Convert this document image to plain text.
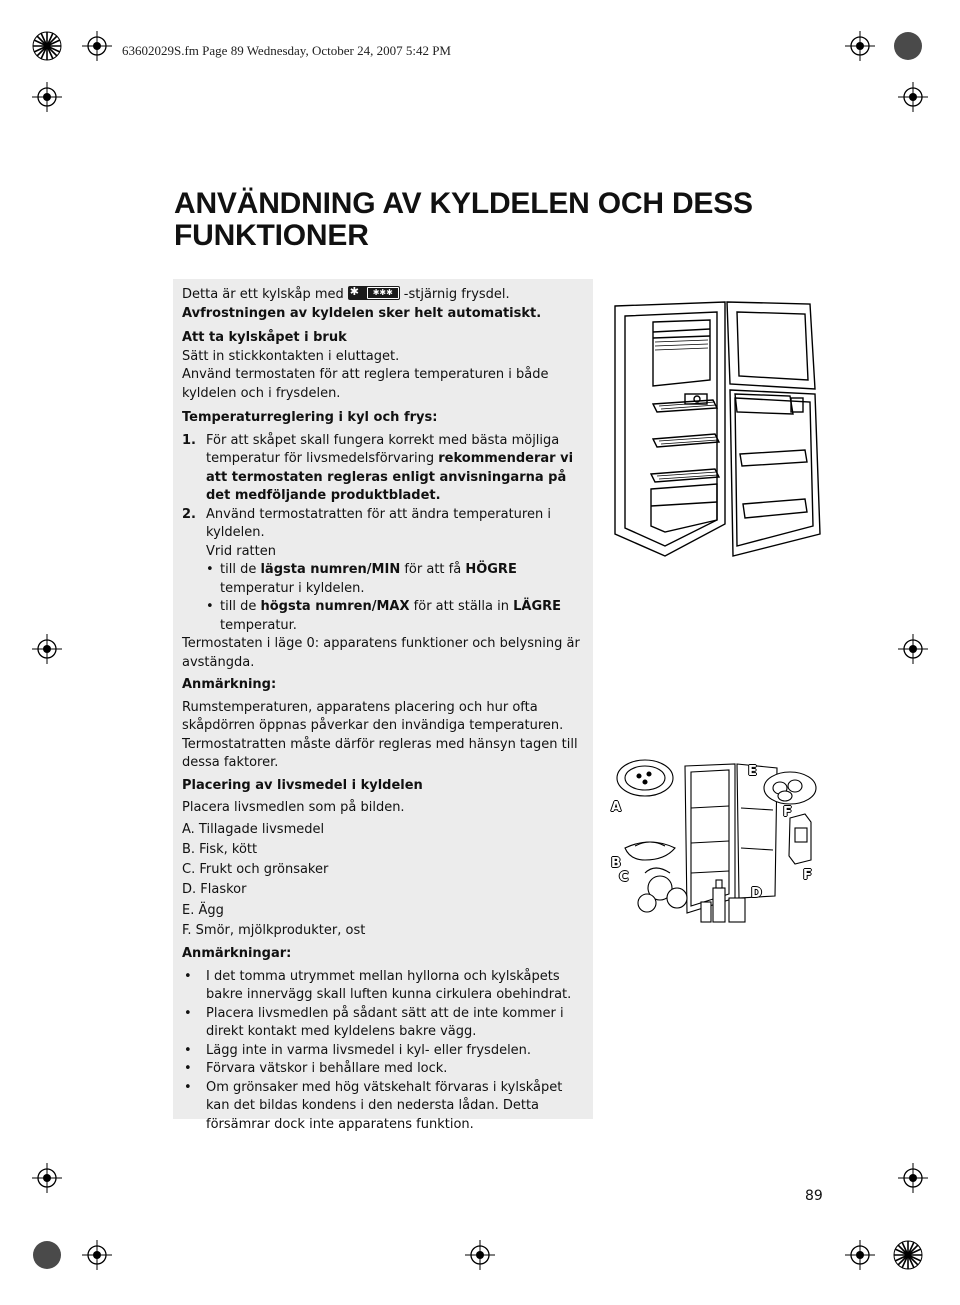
63602029S.fm Page 89 Wednesday, October 24, 2007 5:42 PM
ANVÄNDNING AV KYLDELEN OCH DESS FUNKTIONER

Detta är ett kylskåp med ✱	✱✱✱ -stjärnig frysdel.

Avfrostningen av kyldelen sker helt automatiskt.

Att ta kylskåpet i bruk

Sätt in stickkontakten i eluttaget.

Använd termostaten för att reglera temperaturen i både kyldelen och i frysdelen.

Temperaturreglering i kyl och frys:

1. För att skåpet skall fungera korrekt med bästa möjliga temperatur för livsmedelsförvaring rekommenderar vi att termostaten regleras enligt anvisningarna på det medföljande produktbladet.

2. Använd termostatratten för att ändra temperaturen i kyldelen.

Vrid ratten

• till de lägsta numren/MIN för att få HÖGRE temperatur i kyldelen.

• till de högsta numren/MAX för att ställa in LÄGRE temperatur.

Termostaten i läge 0: apparatens funktioner och belysning är avstängda.

Anmärkning:

Rumstemperaturen, apparatens placering och hur ofta skåpdörren öppnas påverkar den invändiga temperaturen. Termostatratten måste därför regleras med hänsyn tagen till dessa faktorer.

Placering av livsmedel i kyldelen

Placera livsmedlen som på bilden.

A. Tillagade livsmedel

B. Fisk, kött

C. Frukt och grönsaker

D. Flaskor

E. Ägg

F. Smör, mjölkprodukter, ost

Anmärkningar:

• I det tomma utrymmet mellan hyllorna och kylskåpets bakre innervägg skall luften kunna cirkulera obehindrat.

• Placera livsmedlen på sådant sätt att de inte kommer i direkt kontakt med kyldelens bakre vägg.

• Lägg inte in varma livsmedel i kyl- eller frysdelen.

• Förvara vätskor i behållare med lock.

• Om grönsaker med hög vätskehalt förvaras i kylskåpet kan det bildas kondens i den nedersta lådan. Detta försämrar dock inte apparatens funktion.

A
B
C
D
E
F
F
89
